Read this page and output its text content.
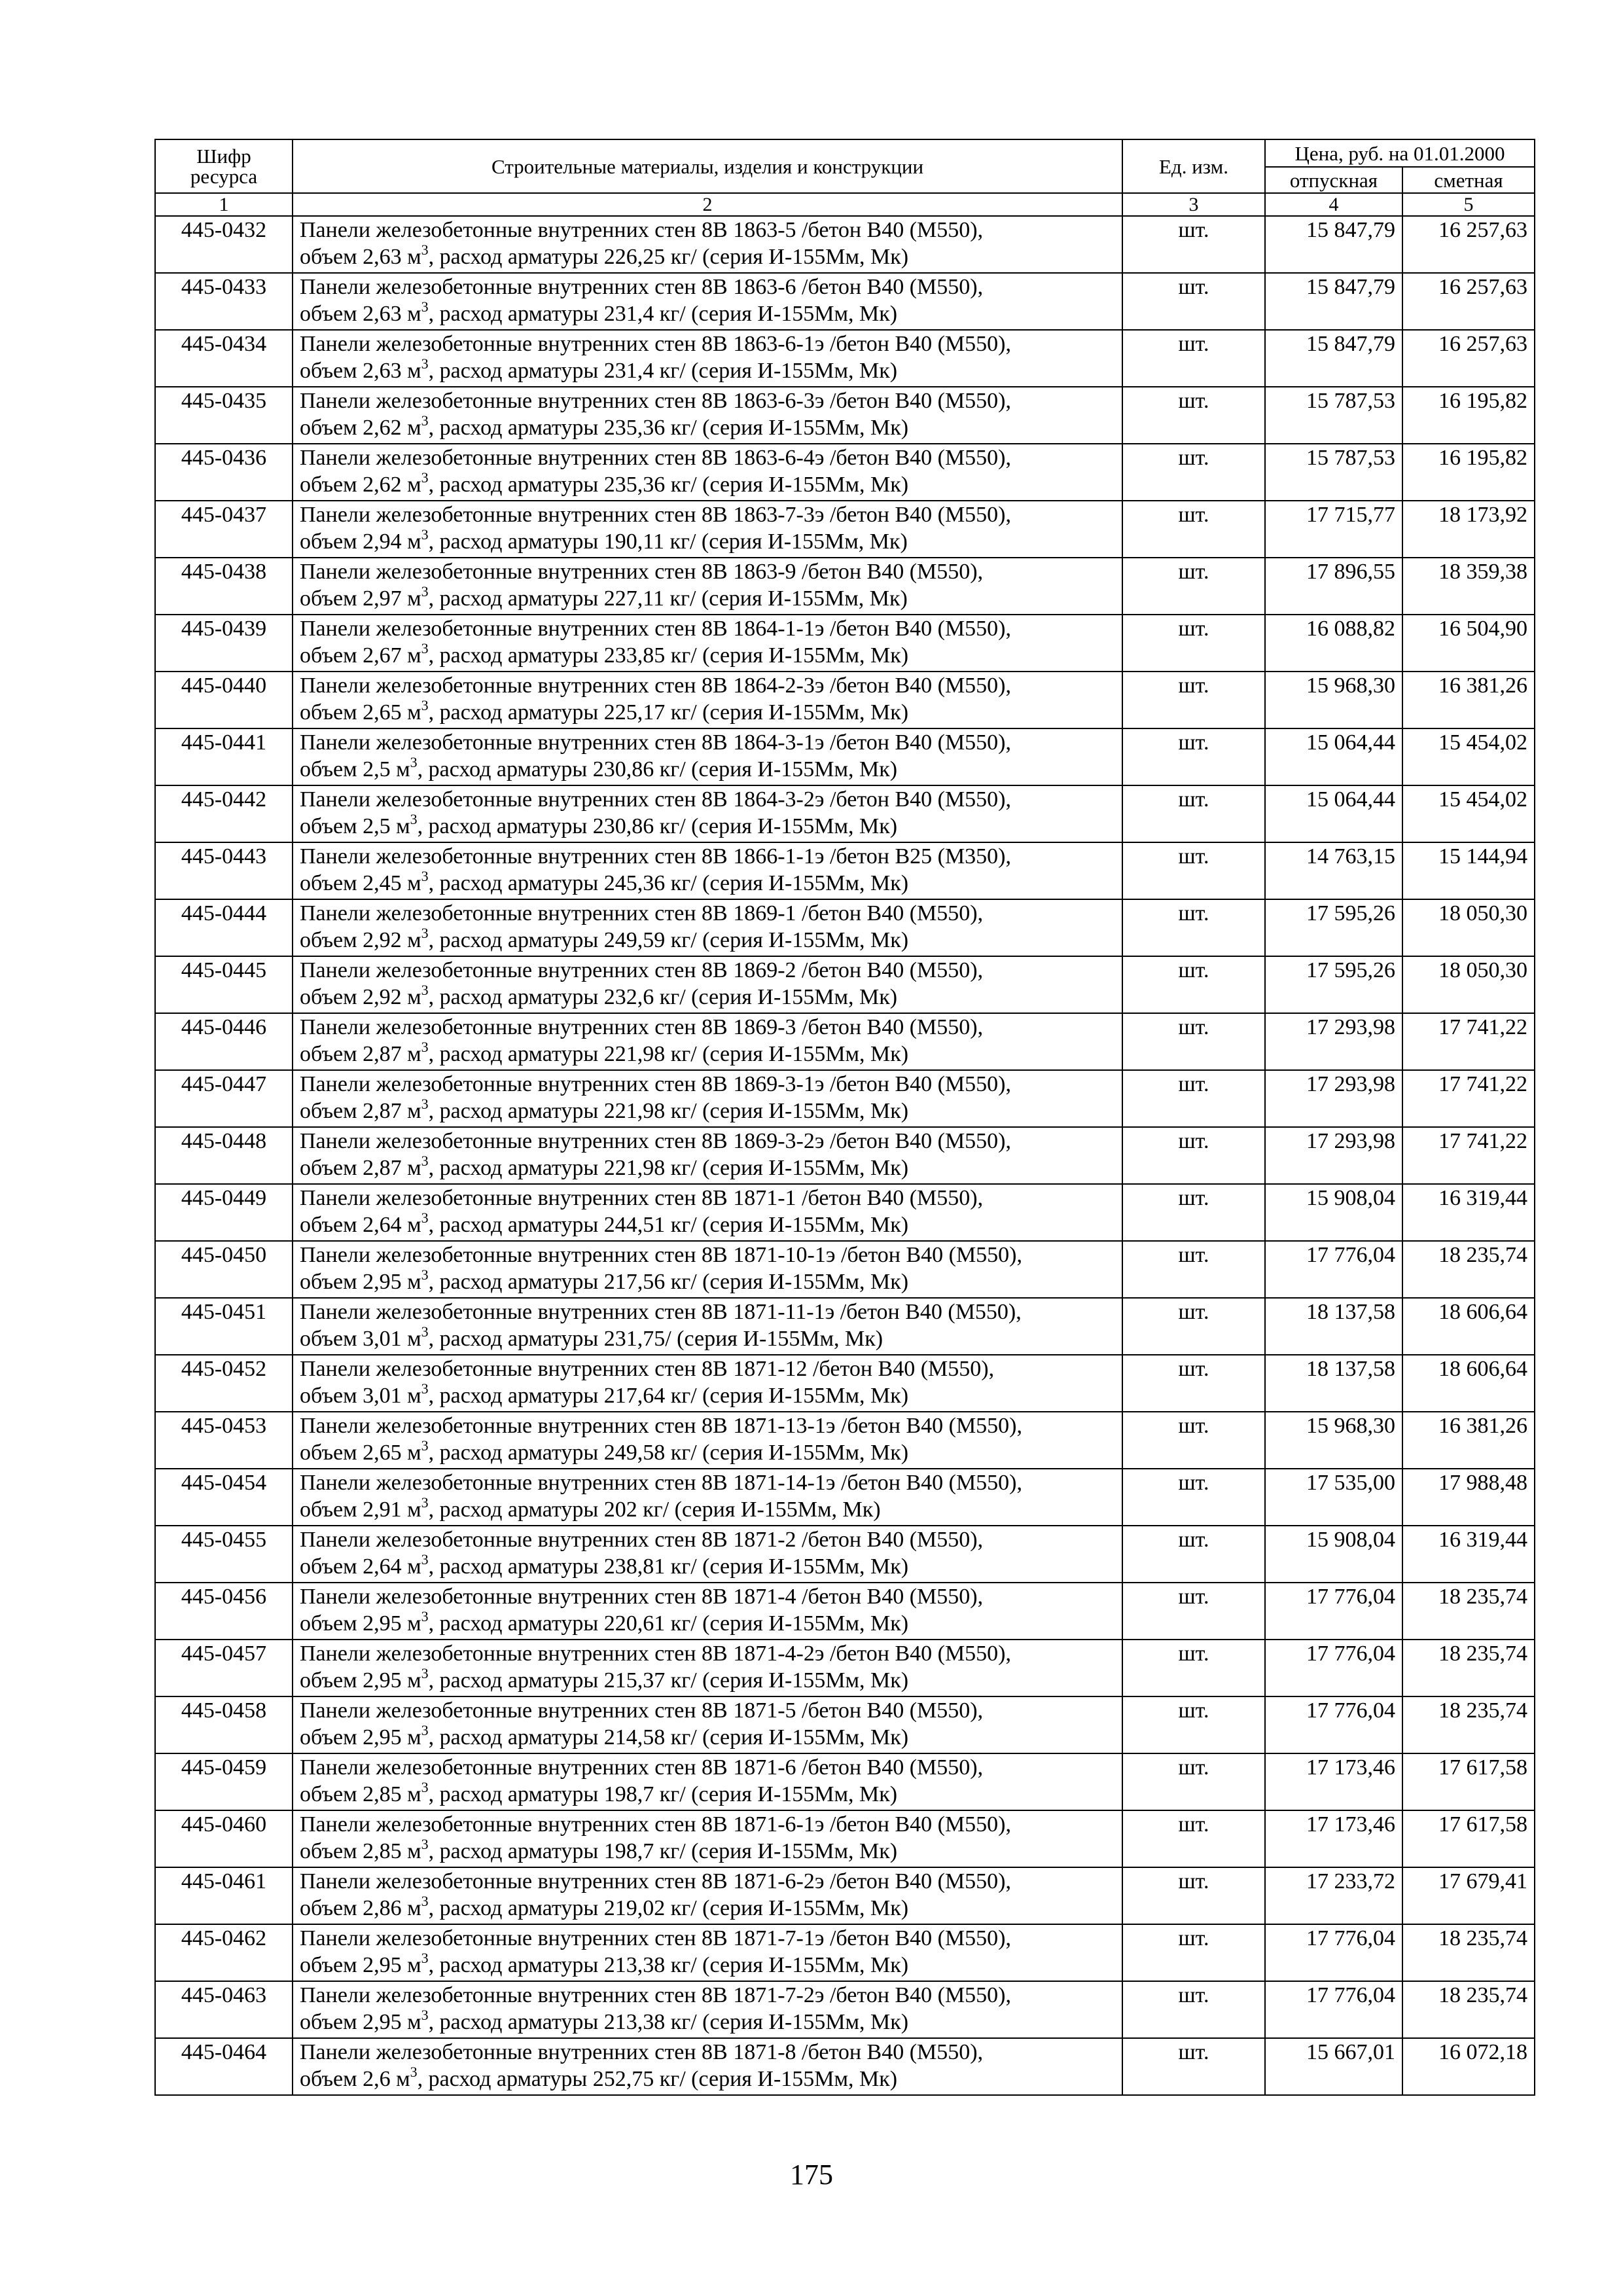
Шифр ресурса	Строительные материалы, изделия и конструкции	Ед. изм.	Цена, руб. на 01.01.2000	
			отпускная	сметная
1	2	3	4	5
445-0432	Панели железобетонные внутренних стен 8В 1863-5 /бетон В40 (М550),
объем 2,63 $м^3$, расход арматуры 226,25 кг/ (серия И-155Мм, Мк)	шт.	15 847,79	16 257,63
445-0433	Панели железобетонные внутренних стен 8В 1863-6 /бетон В40 (М550),
объем 2,63 $м^3$, расход арматуры 231,4 кг/ (серия И-155Мм, Мк)	шт.	15 847,79	16 257,63
445-0434	Панели железобетонные внутренних стен 8В 1863-6-1э /бетон В40 (М550),
объем 2,63 $м^3$, расход арматуры 231,4 кг/ (серия И-155Мм, Мк)	шт.	15 847,79	16 257,63
445-0435	Панели железобетонные внутренних стен 8В 1863-6-3э /бетон В40 (М550),
объем 2,62 $м^3$, расход арматуры 235,36 кг/ (серия И-155Мм, Мк)	шт.	15 787,53	16 195,82
445-0436	Панели железобетонные внутренних стен 8В 1863-6-4э /бетон В40 (М550),
объем 2,62 $м^3$, расход арматуры 235,36 кг/ (серия И-155Мм, Мк)	шт.	15 787,53	16 195,82
445-0437	Панели железобетонные внутренних стен 8В 1863-7-3э /бетон В40 (М550),
объем 2,94 $м^3$, расход арматуры 190,11 кг/ (серия И-155Мм, Мк)	шт.	17 715,77	18 173,92
445-0438	Панели железобетонные внутренних стен 8В 1863-9 /бетон В40 (М550),
объем 2,97 $м^3$, расход арматуры 227,11 кг/ (серия И-155Мм, Мк)	шт.	17 896,55	18 359,38
445-0439	Панели железобетонные внутренних стен 8В 1864-1-1э /бетон В40 (М550),
объем 2,67 $м^3$, расход арматуры 233,85 кг/ (серия И-155Мм, Мк)	шт.	16 088,82	16 504,90
445-0440	Панели железобетонные внутренних стен 8В 1864-2-3э /бетон В40 (М550),
объем 2,65 $м^3$, расход арматуры 225,17 кг/ (серия И-155Мм, Мк)	шт.	15 968,30	16 381,26
445-0441	Панели железобетонные внутренних стен 8В 1864-3-1э /бетон В40 (М550),
объем 2,5 $м^3$, расход арматуры 230,86 кг/ (серия И-155Мм, Мк)	шт.	15 064,44	15 454,02
445-0442	Панели железобетонные внутренних стен 8В 1864-3-2э /бетон В40 (М550),
объем 2,5 $м^3$, расход арматуры 230,86 кг/ (серия И-155Мм, Мк)	шт.	15 064,44	15 454,02
445-0443	Панели железобетонные внутренних стен 8В 1866-1-1э /бетон В25 (М350),
объем 2,45 $м^3$, расход арматуры 245,36 кг/ (серия И-155Мм, Мк)	шт.	14 763,15	15 144,94
445-0444	Панели железобетонные внутренних стен 8В 1869-1 /бетон В40 (М550),
объем 2,92 $м^3$, расход арматуры 249,59 кг/ (серия И-155Мм, Мк)	шт.	17 595,26	18 050,30
445-0445	Панели железобетонные внутренних стен 8В 1869-2 /бетон В40 (М550),
объем 2,92 $м^3$, расход арматуры 232,6 кг/ (серия И-155Мм, Мк)	шт.	17 595,26	18 050,30
445-0446	Панели железобетонные внутренних стен 8В 1869-3 /бетон В40 (М550),
объем 2,87 $м^3$, расход арматуры 221,98 кг/ (серия И-155Мм, Мк)	шт.	17 293,98	17 741,22
445-0447	Панели железобетонные внутренних стен 8В 1869-3-1э /бетон В40 (М550),
объем 2,87 $м^3$, расход арматуры 221,98 кг/ (серия И-155Мм, Мк)	шт.	17 293,98	17 741,22
445-0448	Панели железобетонные внутренних стен 8В 1869-3-2э /бетон В40 (М550),
объем 2,87 $м^3$, расход арматуры 221,98 кг/ (серия И-155Мм, Мк)	шт.	17 293,98	17 741,22
445-0449	Панели железобетонные внутренних стен 8В 1871-1 /бетон В40 (М550),
объем 2,64 $м^3$, расход арматуры 244,51 кг/ (серия И-155Мм, Мк)	шт.	15 908,04	16 319,44
445-0450	Панели железобетонные внутренних стен 8В 1871-10-1э /бетон В40 (М550),
объем 2,95 $м^3$, расход арматуры 217,56 кг/ (серия И-155Мм, Мк)	шт.	17 776,04	18 235,74
445-0451	Панели железобетонные внутренних стен 8В 1871-11-1э /бетон В40 (М550),
объем 3,01 $м^3$, расход арматуры 231,75/ (серия И-155Мм, Мк)	шт.	18 137,58	18 606,64
445-0452	Панели железобетонные внутренних стен 8В 1871-12 /бетон В40 (М550),
объем 3,01 $м^3$, расход арматуры 217,64 кг/ (серия И-155Мм, Мк)	шт.	18 137,58	18 606,64
445-0453	Панели железобетонные внутренних стен 8В 1871-13-1э /бетон В40 (М550),
объем 2,65 $м^3$, расход арматуры 249,58 кг/ (серия И-155Мм, Мк)	шт.	15 968,30	16 381,26
445-0454	Панели железобетонные внутренних стен 8В 1871-14-1э /бетон В40 (М550),
объем 2,91 $м^3$, расход арматуры 202 кг/ (серия И-155Мм, Мк)	шт.	17 535,00	17 988,48
445-0455	Панели железобетонные внутренних стен 8В 1871-2 /бетон В40 (М550),
объем 2,64 $м^3$, расход арматуры 238,81 кг/ (серия И-155Мм, Мк)	шт.	15 908,04	16 319,44
445-0456	Панели железобетонные внутренних стен 8В 1871-4 /бетон В40 (М550),
объем 2,95 $м^3$, расход арматуры 220,61 кг/ (серия И-155Мм, Мк)	шт.	17 776,04	18 235,74
445-0457	Панели железобетонные внутренних стен 8В 1871-4-2э /бетон В40 (М550),
объем 2,95 $м^3$, расход арматуры 215,37 кг/ (серия И-155Мм, Мк)	шт.	17 776,04	18 235,74
445-0458	Панели железобетонные внутренних стен 8В 1871-5 /бетон В40 (М550),
объем 2,95 $м^3$, расход арматуры 214,58 кг/ (серия И-155Мм, Мк)	шт.	17 776,04	18 235,74
445-0459	Панели железобетонные внутренних стен 8В 1871-6 /бетон В40 (М550),
объем 2,85 $м^3$, расход арматуры 198,7 кг/ (серия И-155Мм, Мк)	шт.	17 173,46	17 617,58
445-0460	Панели железобетонные внутренних стен 8В 1871-6-1э /бетон В40 (М550),
объем 2,85 $м^3$, расход арматуры 198,7 кг/ (серия И-155Мм, Мк)	шт.	17 173,46	17 617,58
445-0461	Панели железобетонные внутренних стен 8В 1871-6-2э /бетон В40 (М550),
объем 2,86 $м^3$, расход арматуры 219,02 кг/ (серия И-155Мм, Мк)	шт.	17 233,72	17 679,41
445-0462	Панели железобетонные внутренних стен 8В 1871-7-1э /бетон В40 (М550),
объем 2,95 $м^3$, расход арматуры 213,38 кг/ (серия И-155Мм, Мк)	шт.	17 776,04	18 235,74
445-0463	Панели железобетонные внутренних стен 8В 1871-7-2э /бетон В40 (М550),
объем 2,95 $м^3$, расход арматуры 213,38 кг/ (серия И-155Мм, Мк)	шт.	17 776,04	18 235,74
445-0464	Панели железобетонные внутренних стен 8В 1871-8 /бетон В40 (М550),
объем 2,6 $м^3$, расход арматуры 252,75 кг/ (серия И-155Мм, Мк)	шт.	15 667,01	16 072,18
175
